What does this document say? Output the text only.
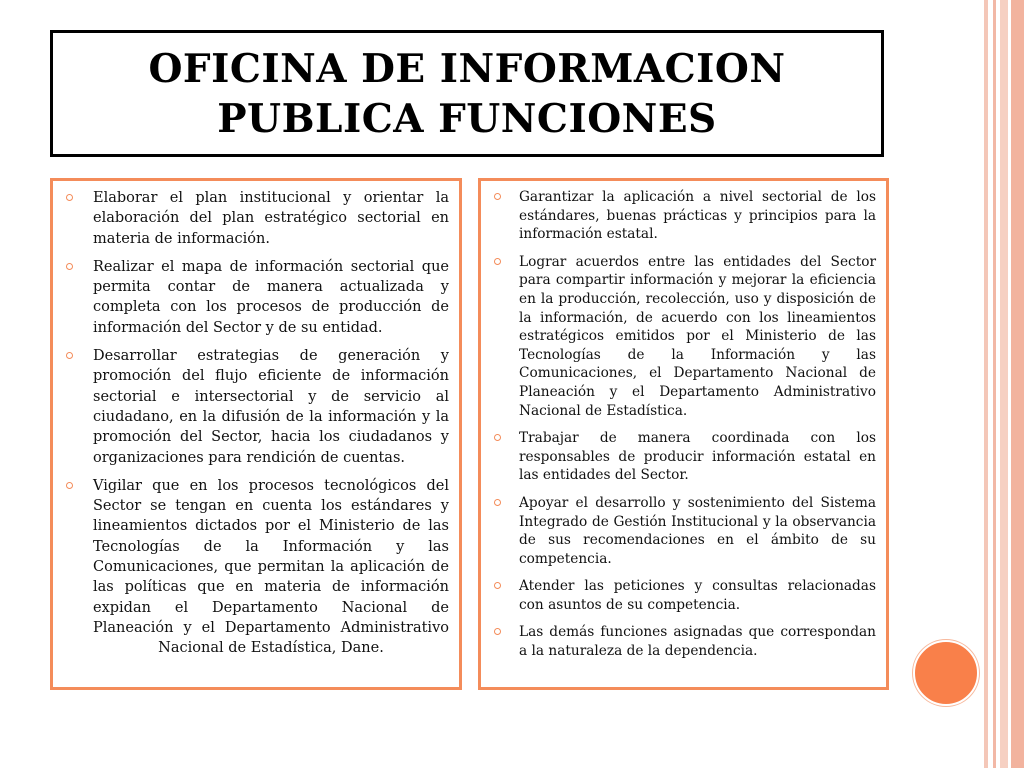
OFICINA DE INFORMACION
PUBLICA FUNCIONES
Elaborar el plan institucional y orientar la elaboración del plan estratégico sectorial en materia de información.
Realizar el mapa de información sectorial que permita contar de manera actualizada y completa con los procesos de producción de información del Sector y de su entidad.
Desarrollar estrategias de generación y promoción del flujo eficiente de información sectorial e intersectorial y de servicio al ciudadano, en la difusión de la información y la promoción del Sector, hacia los ciudadanos y organizaciones para rendición de cuentas.
Vigilar que en los procesos tecnológicos del Sector se tengan en cuenta los estándares y lineamientos dictados por el Ministerio de las Tecnologías de la Información y las Comunicaciones, que permitan la aplicación de las políticas que en materia de información expidan el Departamento Nacional de Planeación y el Departamento Administrativo Nacional de Estadística, Dane.
Garantizar la aplicación a nivel sectorial de los estándares, buenas prácticas y principios para la información estatal.
Lograr acuerdos entre las entidades del Sector para compartir información y mejorar la eficiencia en la producción, recolección, uso y disposición de la información, de acuerdo con los lineamientos estratégicos emitidos por el Ministerio de las Tecnologías de la Información y las Comunicaciones, el Departamento Nacional de Planeación y el Departamento Administrativo Nacional de Estadística.
Trabajar de manera coordinada con los responsables de producir información estatal en las entidades del Sector.
Apoyar el desarrollo y sostenimiento del Sistema Integrado de Gestión Institucional y la observancia de sus recomendaciones en el ámbito de su competencia.
Atender las peticiones y consultas relacionadas con asuntos de su competencia.
Las demás funciones asignadas que correspondan a la naturaleza de la dependencia.
